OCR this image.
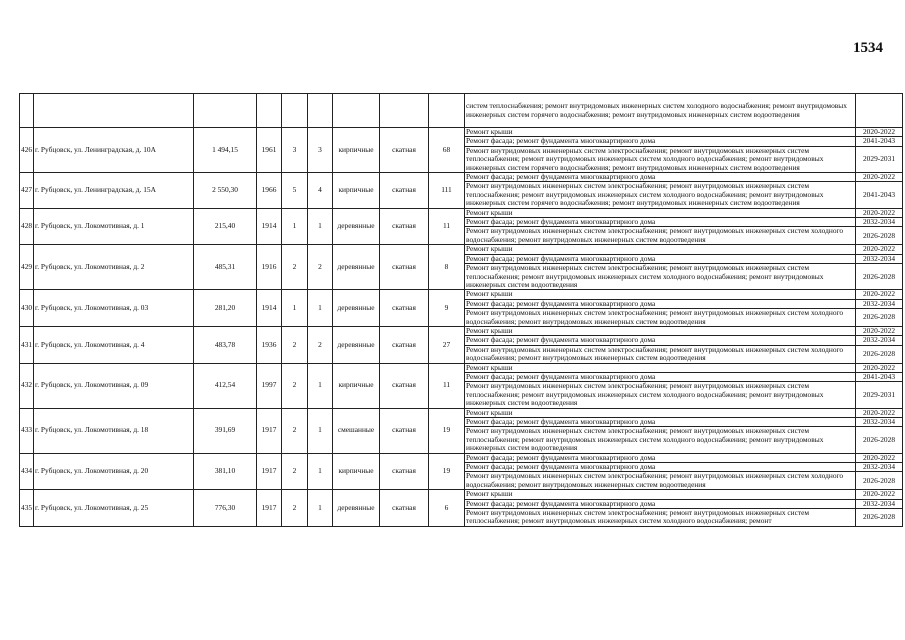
1534
									систем теплоснабжения; ремонт внутридомовых инженерных систем холодного водоснабжения; ремонт внутридомовых инженерных систем горячего водоснабжения; ремонт внутридомовых инженерных систем водоотведения	
426	г. Рубцовск, ул. Ленинградская, д. 10А	1 494,15	1961	3	3	кирпичные	скатная	68	Ремонт крыши	2020-2022
									Ремонт фасада; ремонт фундамента многоквартирного дома	2041-2043
									Ремонт внутридомовых инженерных систем электроснабжения; ремонт внутридомовых инженерных систем теплоснабжения; ремонт внутридомовых инженерных систем холодного водоснабжения; ремонт внутридомовых инженерных систем горячего водоснабжения; ремонт внутридомовых инженерных систем водоотведения	2029-2031
427	г. Рубцовск, ул. Ленинградская, д. 15А	2 550,30	1966	5	4	кирпичные	скатная	111	Ремонт фасада; ремонт фундамента многоквартирного дома	2020-2022
									Ремонт внутридомовых инженерных систем электроснабжения; ремонт внутридомовых инженерных систем теплоснабжения; ремонт внутридомовых инженерных систем холодного водоснабжения; ремонт внутридомовых инженерных систем горячего водоснабжения; ремонт внутридомовых инженерных систем водоотведения	2041-2043
428	г. Рубцовск, ул. Локомотивная, д. 1	215,40	1914	1	1	деревянные	скатная	11	Ремонт крыши	2020-2022
									Ремонт фасада; ремонт фундамента многоквартирного дома	2032-2034
									Ремонт внутридомовых инженерных систем электроснабжения; ремонт внутридомовых инженерных систем холодного водоснабжения; ремонт внутридомовых инженерных систем водоотведения	2026-2028
429	г. Рубцовск, ул. Локомотивная, д. 2	485,31	1916	2	2	деревянные	скатная	8	Ремонт крыши	2020-2022
									Ремонт фасада; ремонт фундамента многоквартирного дома	2032-2034
									Ремонт внутридомовых инженерных систем электроснабжения; ремонт внутридомовых инженерных систем теплоснабжения; ремонт внутридомовых инженерных систем холодного водоснабжения; ремонт внутридомовых инженерных систем водоотведения	2026-2028
430	г. Рубцовск, ул. Локомотивная, д. 03	281,20	1914	1	1	деревянные	скатная	9	Ремонт крыши	2020-2022
									Ремонт фасада; ремонт фундамента многоквартирного дома	2032-2034
									Ремонт внутридомовых инженерных систем электроснабжения; ремонт внутридомовых инженерных систем холодного водоснабжения; ремонт внутридомовых инженерных систем водоотведения	2026-2028
431	г. Рубцовск, ул. Локомотивная, д. 4	483,78	1936	2	2	деревянные	скатная	27	Ремонт крыши	2020-2022
									Ремонт фасада; ремонт фундамента многоквартирного дома	2032-2034
									Ремонт внутридомовых инженерных систем электроснабжения; ремонт внутридомовых инженерных систем холодного водоснабжения; ремонт внутридомовых инженерных систем водоотведения	2026-2028
432	г. Рубцовск, ул. Локомотивная, д. 09	412,54	1997	2	1	кирпичные	скатная	11	Ремонт крыши	2020-2022
									Ремонт фасада; ремонт фундамента многоквартирного дома	2041-2043
									Ремонт внутридомовых инженерных систем электроснабжения; ремонт внутридомовых инженерных систем теплоснабжения; ремонт внутридомовых инженерных систем холодного водоснабжения; ремонт внутридомовых инженерных систем водоотведения	2029-2031
433	г. Рубцовск, ул. Локомотивная, д. 18	391,69	1917	2	1	смешанные	скатная	19	Ремонт крыши	2020-2022
									Ремонт фасада; ремонт фундамента многоквартирного дома	2032-2034
									Ремонт внутридомовых инженерных систем электроснабжения; ремонт внутридомовых инженерных систем теплоснабжения; ремонт внутридомовых инженерных систем холодного водоснабжения; ремонт внутридомовых инженерных систем водоотведения	2026-2028
434	г. Рубцовск, ул. Локомотивная, д. 20	381,10	1917	2	1	кирпичные	скатная	19	Ремонт фасада; ремонт фундамента многоквартирного дома	2020-2022
									Ремонт фасада; ремонт фундамента многоквартирного дома	2032-2034
									Ремонт внутридомовых инженерных систем электроснабжения; ремонт внутридомовых инженерных систем холодного водоснабжения; ремонт внутридомовых инженерных систем водоотведения	2026-2028
435	г. Рубцовск, ул. Локомотивная, д. 25	776,30	1917	2	1	деревянные	скатная	6	Ремонт крыши	2020-2022
									Ремонт фасада; ремонт фундамента многоквартирного дома	2032-2034
									Ремонт внутридомовых инженерных систем электроснабжения; ремонт внутридомовых инженерных систем теплоснабжения; ремонт внутридомовых инженерных систем холодного водоснабжения; ремонт	2026-2028
